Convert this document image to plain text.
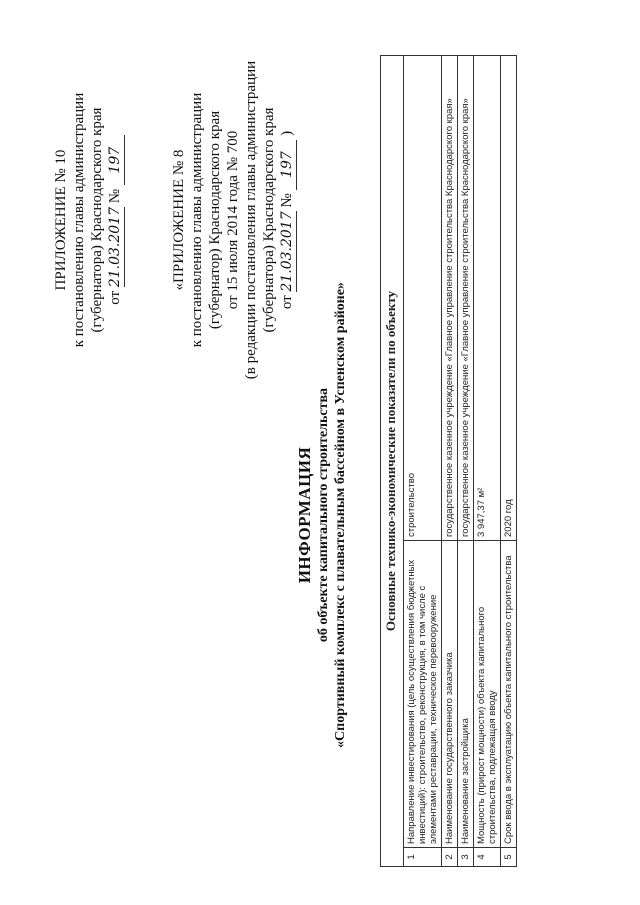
ПРИЛОЖЕНИЕ № 10 к постановлению главы администрации (губернатора) Краснодарского края от 21.03.2017 № 197	«ПРИЛОЖЕНИЕ № 8 к постановлению главы администрации (губернатор) Краснодарского края от 15 июля 2014 года № 700 (в редакции постановления главы администрации (губернатора) Краснодарского края от 21.03.2017 № 197 )
ИНФОРМАЦИЯ об объекте капитального строительства «Спортивный комплекс с плавательным бассейном в Успенском районе»	Основные технико-экономические показатели по объекту		
1	Направление инвестирования (цель осуществления бюджетных инвестиций): строительство, реконструкция, в том числе с элементами реставрации, техническое перевооружение	строительство
2	Наименование государственного заказчика	государственное казенное учреждение «Главное управление строительства Краснодарского края»
3	Наименование застройщика	государственное казенное учреждение «Главное управление строительства Краснодарского края»
4	Мощность (прирост мощности) объекта капитального строительства, подлежащая вводу	3 947,37 м²
5	Срок ввода в эксплуатацию объекта капитального строительства	2020 год
